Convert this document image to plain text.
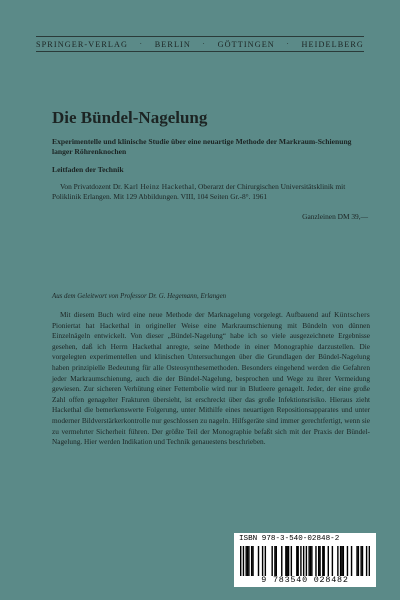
SPRINGER-VERLAG · BERLIN · GÖTTINGEN · HEIDELBERG
Die Bündel-Nagelung

Experimentelle und klinische Studie über eine neuartige Methode der Markraum-Schienung langer Röhrenknochen

Leitfaden der Technik

Von Privatdozent Dr. Karl Heinz Hackethal, Oberarzt der Chirurgischen Universitätsklinik mit Poliklinik Erlangen. Mit 129 Abbildungen. VIII, 104 Seiten Gr.-8°. 1961

Ganzleinen DM 39,—

Aus dem Geleitwort von Professor Dr. G. Hegemann, Erlangen

Mit diesem Buch wird eine neue Methode der Marknagelung vorgelegt. Aufbauend auf Küntschers Pioniertat hat Hackethal in origineller Weise eine Markraumschienung mit Bündeln von dünnen Einzelnägeln entwickelt. Von dieser „Bündel-Nagelung“ habe ich so viele ausgezeichnete Ergebnisse gesehen, daß ich Herrn Hackethal anregte, seine Methode in einer Monographie darzustellen. Die vorgelegten experimentellen und klinischen Untersuchungen über die Grundlagen der Bündel-Nagelung haben prinzipielle Bedeutung für alle Osteosynthesemethoden. Besonders eingehend werden die Gefahren jeder Markraumschienung, auch die der Bündel-Nagelung, besprochen und Wege zu ihrer Vermeidung gewiesen. Zur sicheren Verhütung einer Fettembolie wird nur in Blutleere genagelt. Jeder, der eine große Zahl offen genagelter Frakturen übersieht, ist erschreckt über das große Infektionsrisiko. Hieraus zieht Hackethal die bemerkenswerte Folgerung, unter Mithilfe eines neuartigen Repositionsapparates und unter moderner Bildverstärkerkontrolle nur geschlossen zu nageln. Hilfsgeräte sind immer gerechtfertigt, wenn sie zu vermehrter Sicherheit führen. Der größte Teil der Monographie befaßt sich mit der Praxis der Bündel-Nagelung. Hier werden Indikation und Technik genauestens beschrieben.

ISBN 978-3-540-02848-2
9 783540 028482
